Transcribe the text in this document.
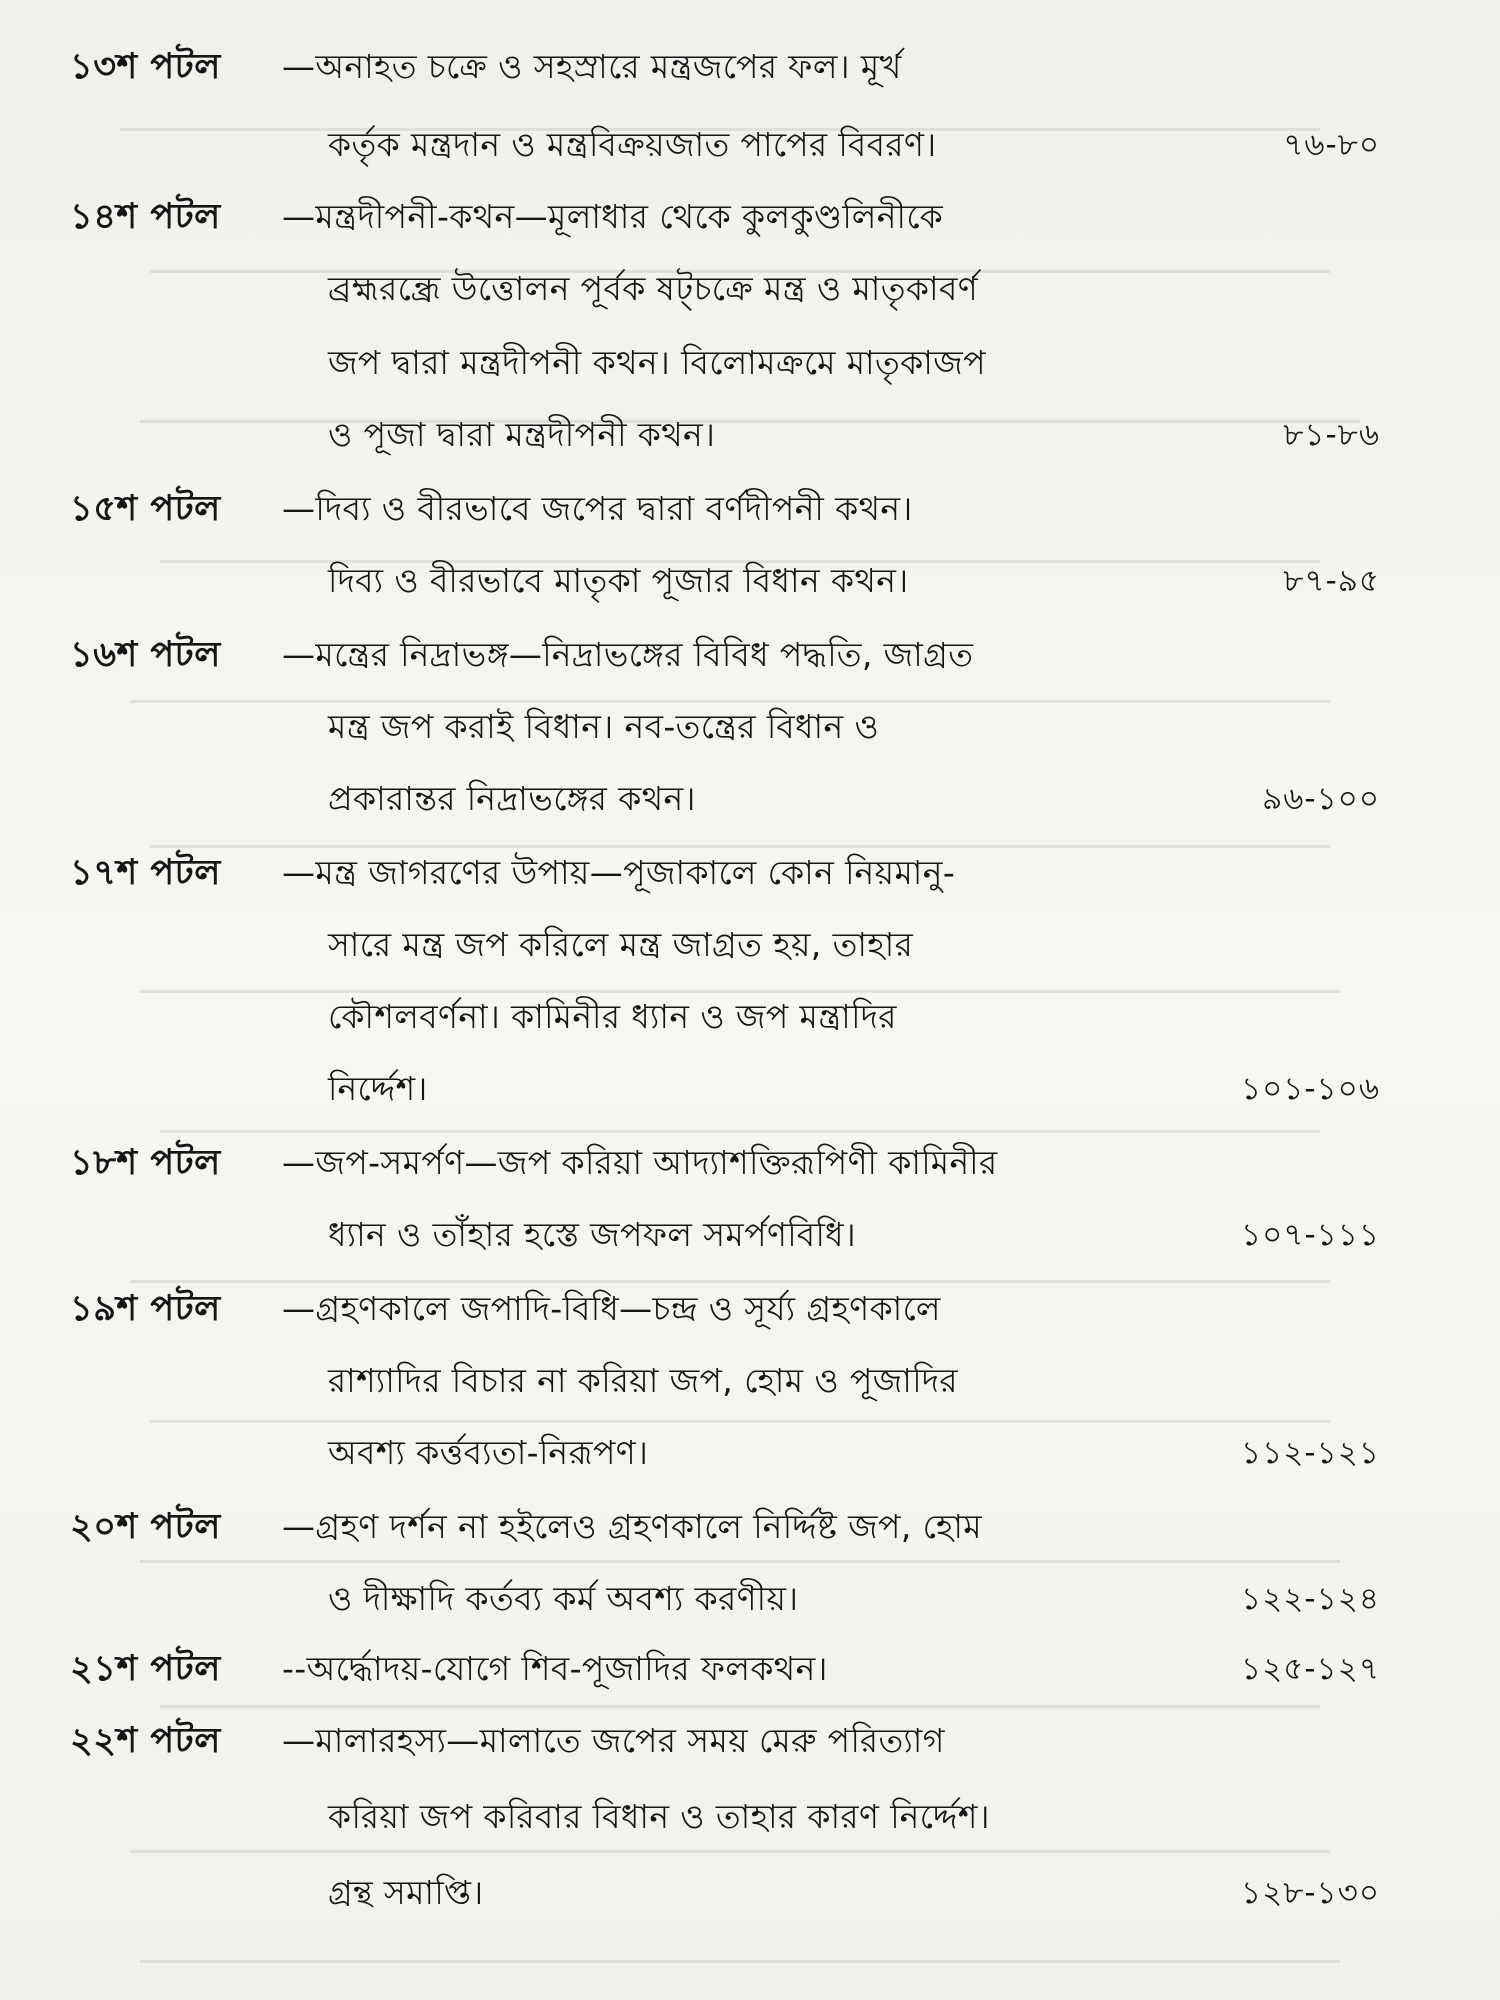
১৩শ পটল	—অনাহত চক্রে ও সহস্রারে মন্ত্রজপের ফল। মূর্খ
কর্তৃক মন্ত্রদান ও মন্ত্রবিক্রয়জাত পাপের বিবরণ।	৭৬-৮০
১৪শ পটল	—মন্ত্রদীপনী-কথন—মূলাধার থেকে কুলকুণ্ডলিনীকে
ব্রহ্মরন্ধ্রে উত্তোলন পূর্বক ষট্‌চক্রে মন্ত্র ও মাতৃকাবর্ণ
জপ দ্বারা মন্ত্রদীপনী কথন। বিলোমক্রমে মাতৃকাজপ
ও পূজা দ্বারা মন্ত্রদীপনী কথন।	৮১-৮৬
১৫শ পটল	—দিব্য ও বীরভাবে জপের দ্বারা বর্ণদীপনী কথন।
দিব্য ও বীরভাবে মাতৃকা পূজার বিধান কথন।	৮৭-৯৫
১৬শ পটল	—মন্ত্রের নিদ্রাভঙ্গ—নিদ্রাভঙ্গের বিবিধ পদ্ধতি, জাগ্রত
মন্ত্র জপ করাই বিধান। নব-তন্ত্রের বিধান ও
প্রকারান্তর নিদ্রাভঙ্গের কথন।	৯৬-১০০
১৭শ পটল	—মন্ত্র জাগরণের উপায়—পূজাকালে কোন নিয়মানু-
সারে মন্ত্র জপ করিলে মন্ত্র জাগ্রত হয়, তাহার
কৌশলবর্ণনা। কামিনীর ধ্যান ও জপ মন্ত্রাদির
নির্দ্দেশ।	১০১-১০৬
১৮শ পটল	—জপ-সমর্পণ—জপ করিয়া আদ্যাশক্তিরূপিণী কামিনীর
ধ্যান ও তাঁহার হস্তে জপফল সমর্পণবিধি।	১০৭-১১১
১৯শ পটল	—গ্রহণকালে জপাদি-বিধি—চন্দ্র ও সূর্য্য গ্রহণকালে
রাশ্যাদির বিচার না করিয়া জপ, হোম ও পূজাদির
অবশ্য কর্ত্তব্যতা-নিরূপণ।	১১২-১২১
২০শ পটল	—গ্রহণ দর্শন না হইলেও গ্রহণকালে নির্দ্দিষ্ট জপ, হোম
ও দীক্ষাদি কর্তব্য কর্ম অবশ্য করণীয়।	১২২-১২৪
২১শ পটল	--অর্দ্ধোদয়-যোগে শিব-পূজাদির ফলকথন।	১২৫-১২৭
২২শ পটল	—মালারহস্য—মালাতে জপের সময় মেরু পরিত্যাগ
করিয়া জপ করিবার বিধান ও তাহার কারণ নির্দ্দেশ।
গ্রন্থ সমাপ্তি।	১২৮-১৩০
